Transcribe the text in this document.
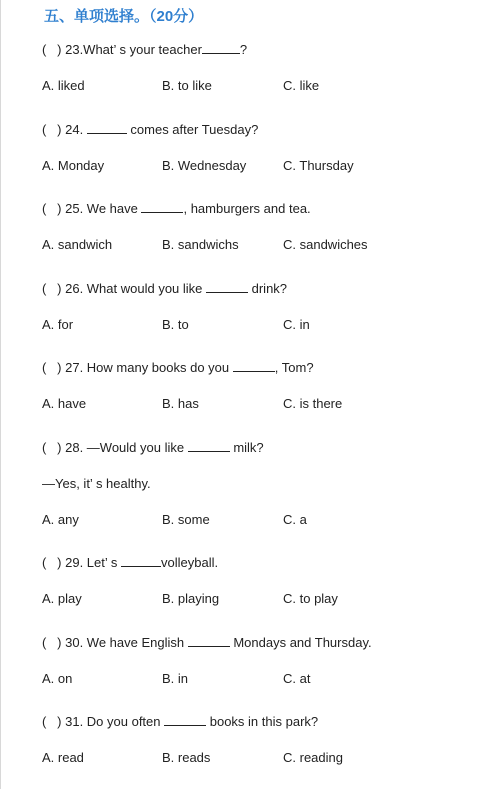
五、单项选择。（20分）
(   ) 23.What’ s your teacher	?
A. liked	B. to like	C. like
(   ) 24.	comes after Tuesday?
A. Monday	B. Wednesday	C. Thursday
(   ) 25. We have	, hamburgers and tea.
A. sandwich	B. sandwichs	C. sandwiches
(   ) 26. What would you like	drink?
A. for	B. to	C. in
(   ) 27. How many books do you	, Tom?
A. have	B. has	C. is there
(   ) 28. —Would you like	milk?
—Yes, it’ s healthy.
A. any	B. some	C. a
(   ) 29. Let’ s	volleyball.
A. play	B. playing	C. to play
(   ) 30. We have English	Mondays and Thursday.
A. on	B. in	C. at
(   ) 31. Do you often	books in this park?
A. read	B. reads	C. reading
